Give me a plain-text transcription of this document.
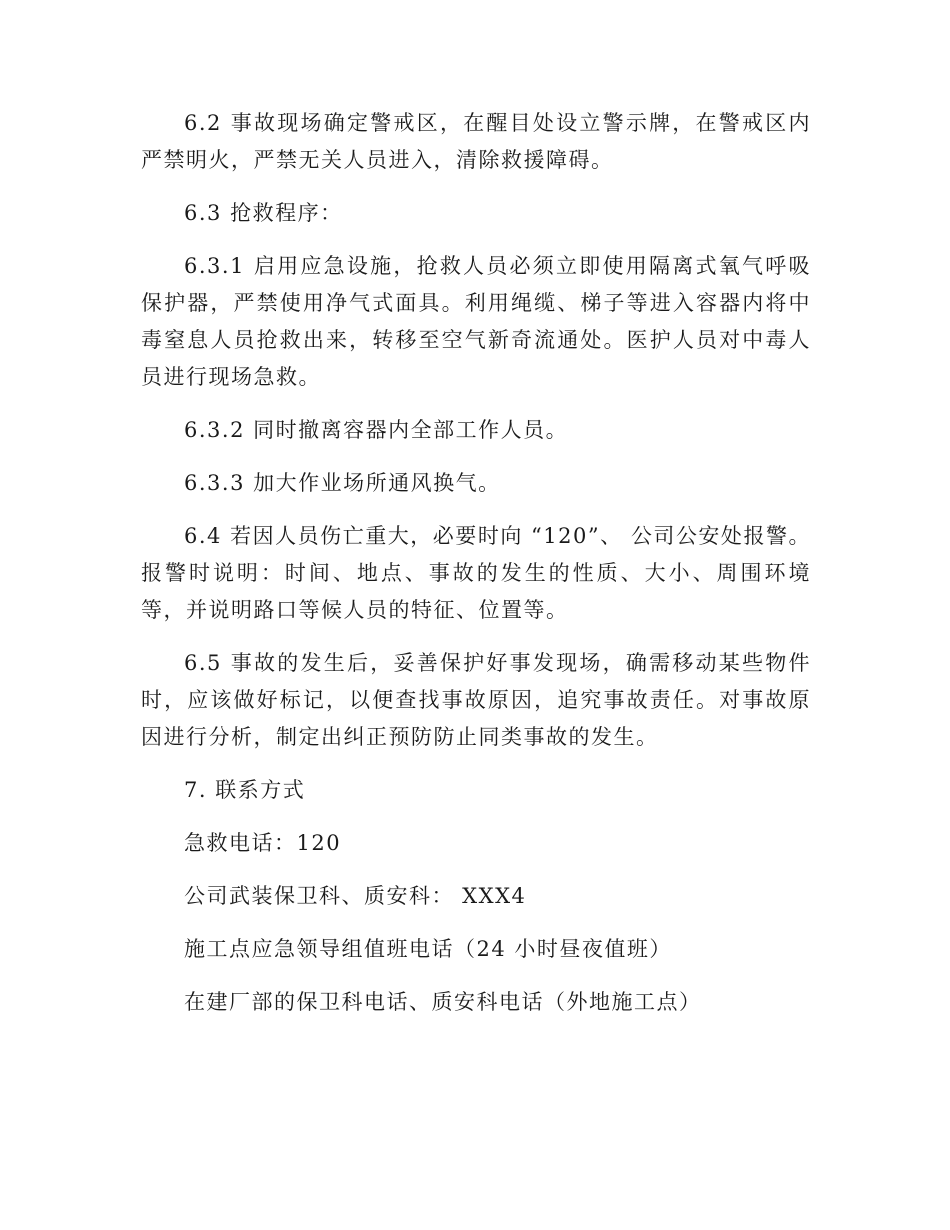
6.2 事故现场确定警戒区，在醒目处设立警示牌，在警戒区内严禁明火，严禁无关人员进入，清除救援障碍。

6.3 抢救程序：

6.3.1 启用应急设施，抢救人员必须立即使用隔离式氧气呼吸保护器，严禁使用净气式面具。利用绳缆、梯子等进入容器内将中毒窒息人员抢救出来，转移至空气新奇流通处。医护人员对中毒人员进行现场急救。

6.3.2 同时撤离容器内全部工作人员。

6.3.3 加大作业场所通风换气。

6.4 若因人员伤亡重大，必要时向 “120”、 公司公安处报警。报警时说明：时间、地点、事故的发生的性质、大小、周围环境等，并说明路口等候人员的特征、位置等。

6.5 事故的发生后，妥善保护好事发现场，确需移动某些物件时，应该做好标记，以便查找事故原因，追究事故责任。对事故原因进行分析，制定出纠正预防防止同类事故的发生。

7. 联系方式

急救电话：120

公司武装保卫科、质安科： XXX4

施工点应急领导组值班电话（24 小时昼夜值班）

在建厂部的保卫科电话、质安科电话（外地施工点）
